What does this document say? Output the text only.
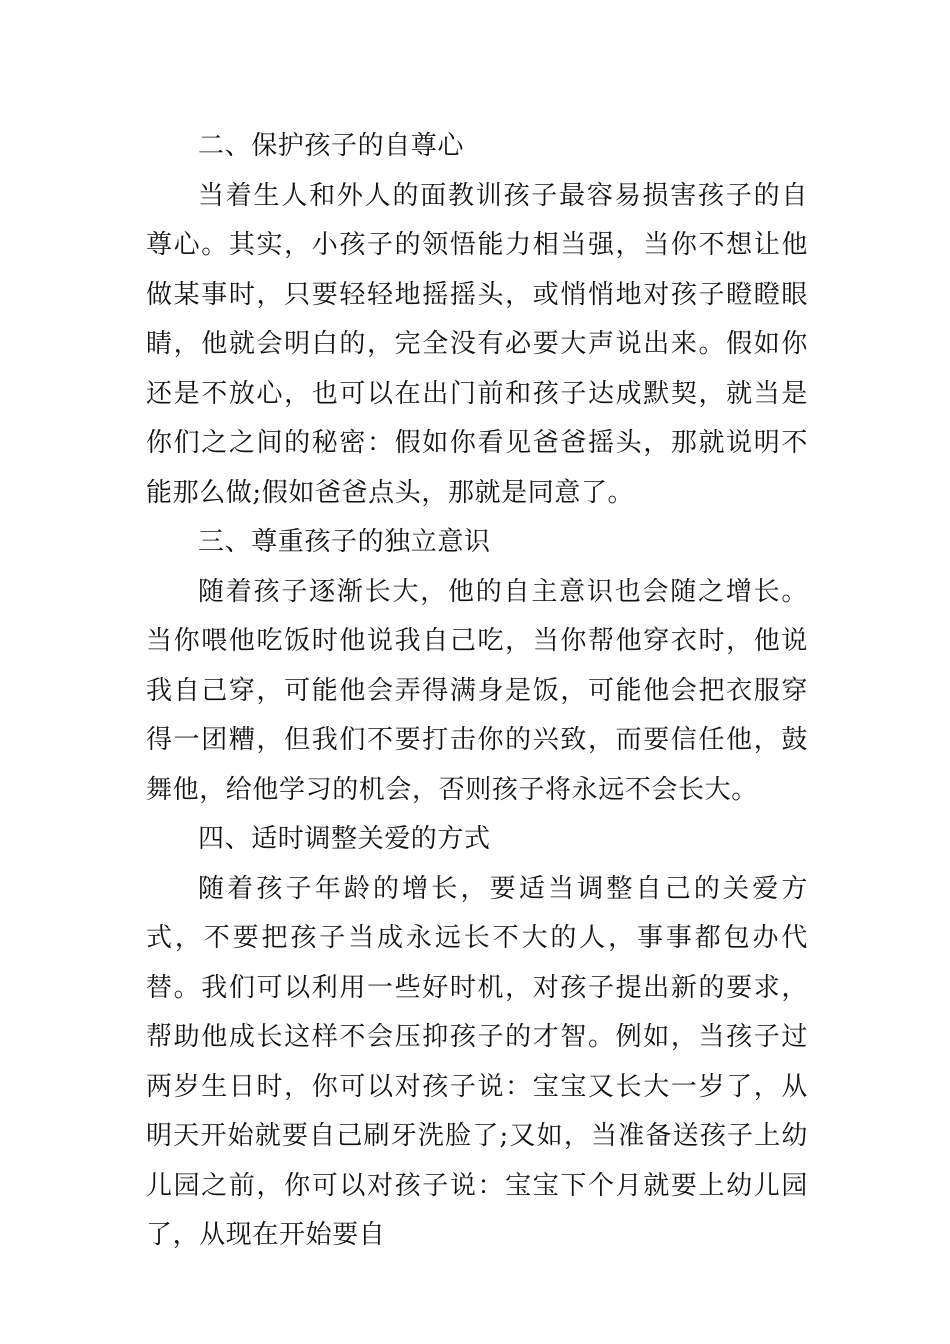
二、保护孩子的自尊心

当着生人和外人的面教训孩子最容易损害孩子的自尊心。其实，小孩子的领悟能力相当强，当你不想让他做某事时，只要轻轻地摇摇头，或悄悄地对孩子瞪瞪眼睛，他就会明白的，完全没有必要大声说出来。假如你还是不放心，也可以在出门前和孩子达成默契，就当是你们之之间的秘密：假如你看见爸爸摇头，那就说明不能那么做;假如爸爸点头，那就是同意了。

三、尊重孩子的独立意识

随着孩子逐渐长大，他的自主意识也会随之增长。当你喂他吃饭时他说我自己吃，当你帮他穿衣时，他说我自己穿，可能他会弄得满身是饭，可能他会把衣服穿得一团糟，但我们不要打击你的兴致，而要信任他，鼓舞他，给他学习的机会，否则孩子将永远不会长大。

四、适时调整关爱的方式

随着孩子年龄的增长，要适当调整自己的关爱方式，不要把孩子当成永远长不大的人，事事都包办代替。我们可以利用一些好时机，对孩子提出新的要求，帮助他成长这样不会压抑孩子的才智。例如，当孩子过两岁生日时，你可以对孩子说：宝宝又长大一岁了，从明天开始就要自己刷牙洗脸了;又如，当准备送孩子上幼儿园之前，你可以对孩子说：宝宝下个月就要上幼儿园了，从现在开始要自
